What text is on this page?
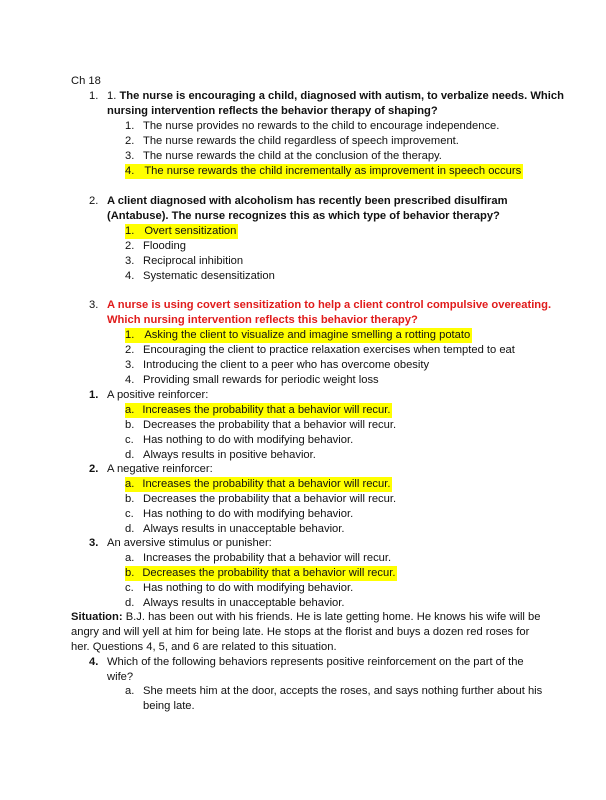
Ch 18
1. 1. The nurse is encouraging a child, diagnosed with autism, to verbalize needs. Which
nursing intervention reflects the behavior therapy of shaping?
1. The nurse provides no rewards to the child to encourage independence.
2. The nurse rewards the child regardless of speech improvement.
3. The nurse rewards the child at the conclusion of the therapy.
4. The nurse rewards the child incrementally as improvement in speech occurs
2. A client diagnosed with alcoholism has recently been prescribed disulfiram
(Antabuse). The nurse recognizes this as which type of behavior therapy?
1. Overt sensitization
2. Flooding
3. Reciprocal inhibition
4. Systematic desensitization
3. A nurse is using covert sensitization to help a client control compulsive overeating.
Which nursing intervention reflects this behavior therapy?
1. Asking the client to visualize and imagine smelling a rotting potato
2. Encouraging the client to practice relaxation exercises when tempted to eat
3. Introducing the client to a peer who has overcome obesity
4. Providing small rewards for periodic weight loss
1. A positive reinforcer:
a. Increases the probability that a behavior will recur.
b. Decreases the probability that a behavior will recur.
c. Has nothing to do with modifying behavior.
d. Always results in positive behavior.
2. A negative reinforcer:
a. Increases the probability that a behavior will recur.
b. Decreases the probability that a behavior will recur.
c. Has nothing to do with modifying behavior.
d. Always results in unacceptable behavior.
3. An aversive stimulus or punisher:
a. Increases the probability that a behavior will recur.
b. Decreases the probability that a behavior will recur.
c. Has nothing to do with modifying behavior.
d. Always results in unacceptable behavior.
Situation: B.J. has been out with his friends. He is late getting home. He knows his wife will be
angry and will yell at him for being late. He stops at the florist and buys a dozen red roses for
her. Questions 4, 5, and 6 are related to this situation.
4. Which of the following behaviors represents positive reinforcement on the part of the
wife?
a. She meets him at the door, accepts the roses, and says nothing further about his
being late.
